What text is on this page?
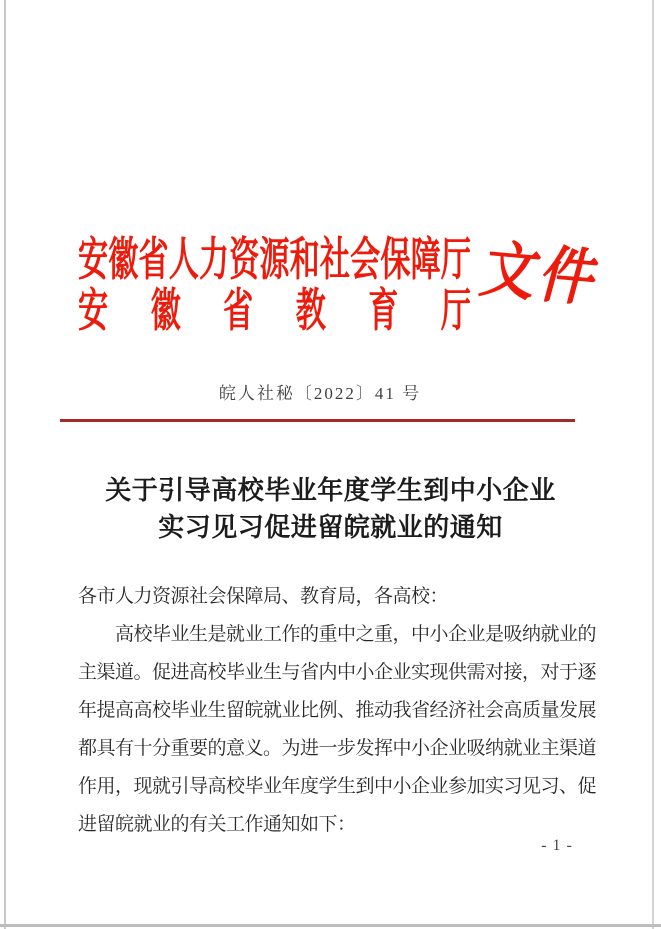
安徽省人力资源和社会保障厅
安徽省教育厅 文件
皖人社秘〔2022〕41 号
关于引导高校毕业年度学生到中小企业
实习见习促进留皖就业的通知
各市人力资源社会保障局、教育局，各高校：
高校毕业生是就业工作的重中之重，中小企业是吸纳就业的
主渠道。促进高校毕业生与省内中小企业实现供需对接，对于逐
年提高高校毕业生留皖就业比例、推动我省经济社会高质量发展
都具有十分重要的意义。为进一步发挥中小企业吸纳就业主渠道
作用，现就引导高校毕业年度学生到中小企业参加实习见习、促
进留皖就业的有关工作通知如下：
- 1 -
